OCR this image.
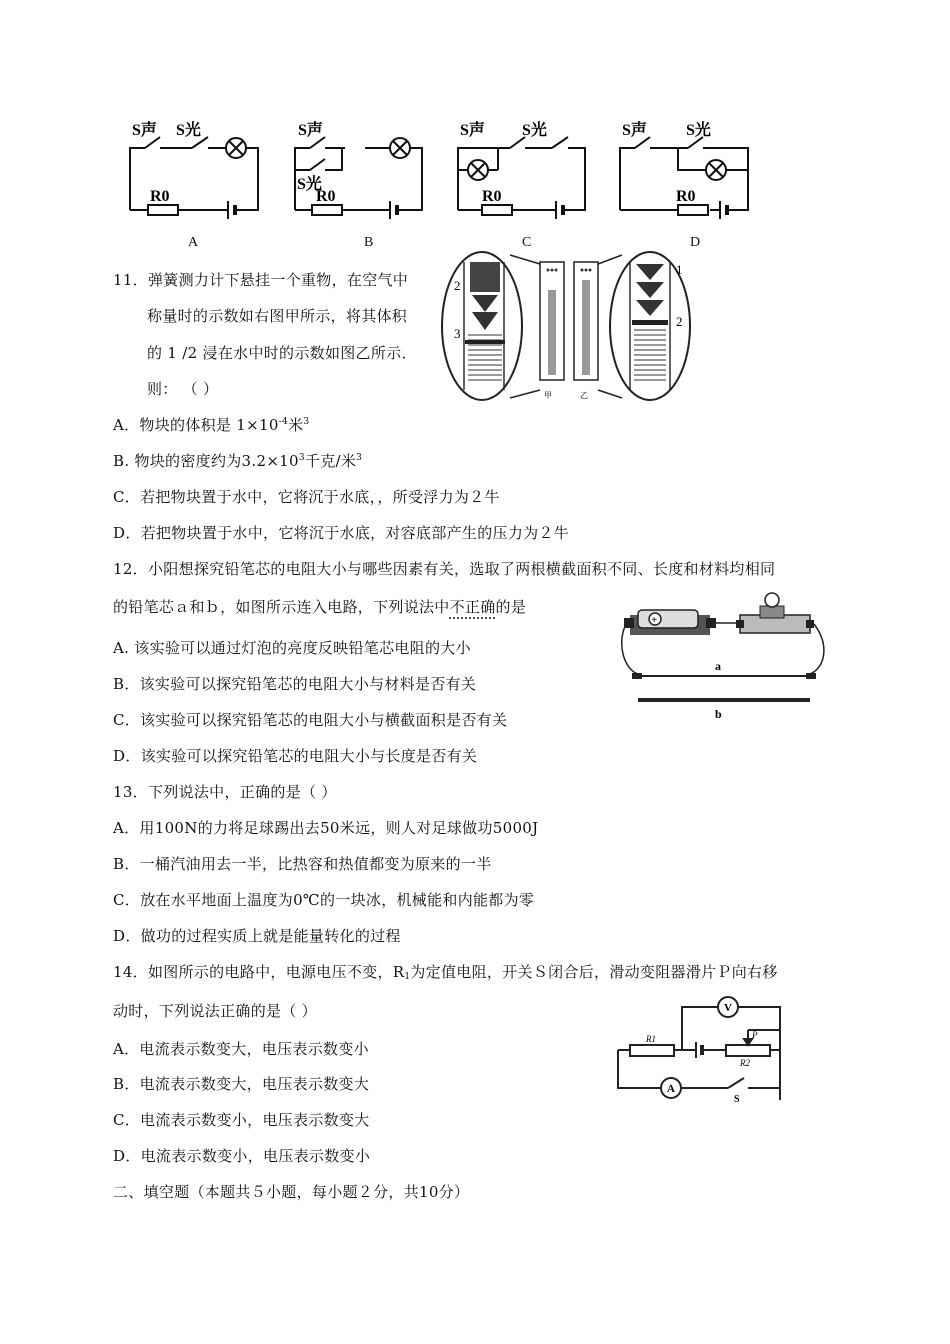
S声 S光
R0
S声
S光
R0
S声 S光
R0
S声 S光
R0
A	B	C	D
11．弹簧测力计下悬挂一个重物，在空气中
称量时的示数如右图甲所示，将其体积
的 1 /2 浸在水中时的示数如图乙所示．
则： （ ）
2
3
甲	乙
1
2
A．物块的体积是 $1\times 10^{-4}$米$^3$
B. 物块的密度约为$3.2\times 10^3$千克/米$^3$
C．若把物块置于水中，它将沉于水底，，所受浮力为２牛
D．若把物块置于水中，它将沉于水底，对容底部产生的压力为２牛
12．小阳想探究铅笔芯的电阻大小与哪些因素有关，选取了两根横截面积不同、长度和材料均相同
的铅笔芯ａ和ｂ，如图所示连入电路，下列说法中不正确的是
+
a
b
A. 该实验可以通过灯泡的亮度反映铅笔芯电阻的大小
B．该实验可以探究铅笔芯的电阻大小与材料是否有关
C．该实验可以探究铅笔芯的电阻大小与横截面积是否有关
D．该实验可以探究铅笔芯的电阻大小与长度是否有关
13．下列说法中，正确的是（ ）
A．用100N的力将足球踢出去50米远，则人对足球做功5000J
B．一桶汽油用去一半，比热容和热值都变为原来的一半
C．放在水平地面上温度为0℃的一块冰，机械能和内能都为零
D．做功的过程实质上就是能量转化的过程
14．如图所示的电路中，电源电压不变，$R_1$为定值电阻，开关Ｓ闭合后，滑动变阻器滑片Ｐ向右移
动时，下列说法正确的是（ ）	V
A
R1	P
R2
S
A．电流表示数变大，电压表示数变小
B．电流表示数变大，电压表示数变大
C．电流表示数变小，电压表示数变大
D．电流表示数变小，电压表示数变小
二、填空题（本题共５小题，每小题２分，共10分）
